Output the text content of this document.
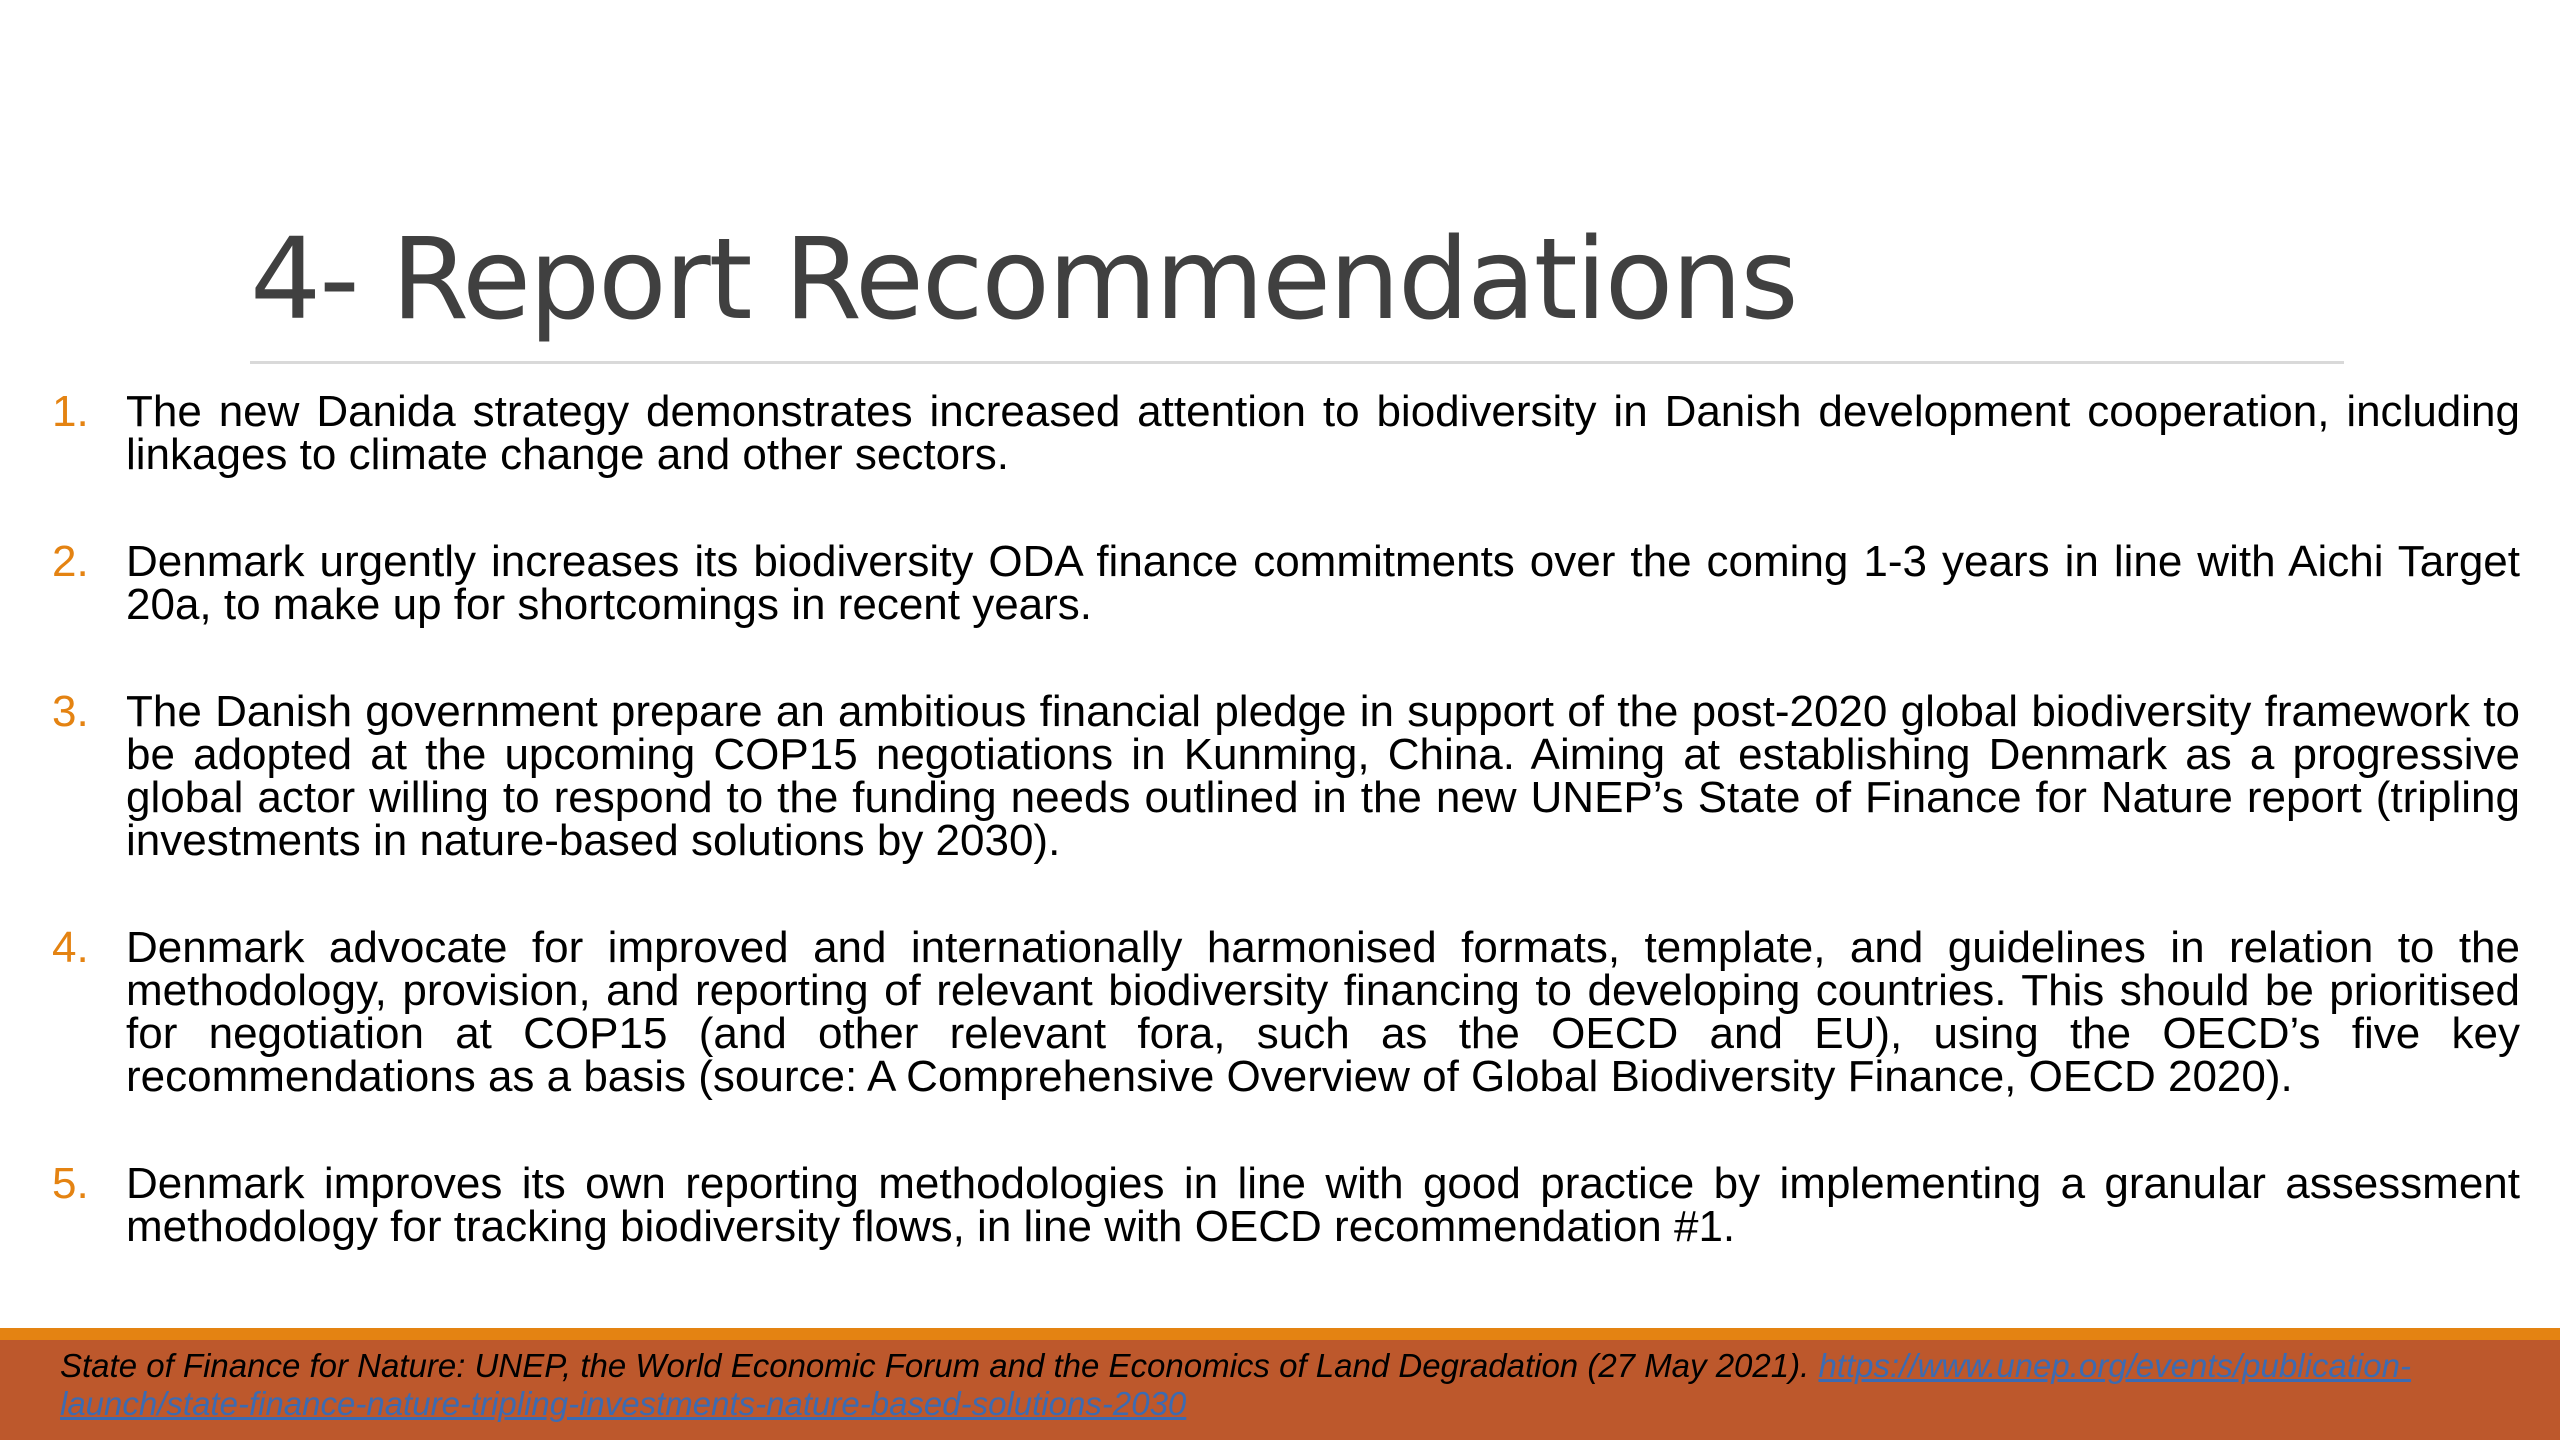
4- Report Recommendations
1. The new Danida strategy demonstrates increased attention to biodiversity in Danish development cooperation, including linkages to climate change and other sectors.
2. Denmark urgently increases its biodiversity ODA finance commitments over the coming 1-3 years in line with Aichi Target 20a, to make up for shortcomings in recent years.
3. The Danish government prepare an ambitious financial pledge in support of the post-2020 global biodiversity framework to be adopted at the upcoming COP15 negotiations in Kunming, China. Aiming at establishing Denmark as a progressive global actor willing to respond to the funding needs outlined in the new UNEP’s State of Finance for Nature report (tripling investments in nature-based solutions by 2030).
4. Denmark advocate for improved and internationally harmonised formats, template, and guidelines in relation to the methodology, provision, and reporting of relevant biodiversity financing to developing countries. This should be prioritised for negotiation at COP15 (and other relevant fora, such as the OECD and EU), using the OECD’s five key recommendations as a basis (source: A Comprehensive Overview of Global Biodiversity Finance, OECD 2020).
5. Denmark improves its own reporting methodologies in line with good practice by implementing a granular assessment methodology for tracking biodiversity flows, in line with OECD recommendation #1.

State of Finance for Nature: UNEP, the World Economic Forum and the Economics of Land Degradation (27 May 2021). https://www.unep.org/events/publication-launch/state-finance-nature-tripling-investments-nature-based-solutions-2030
